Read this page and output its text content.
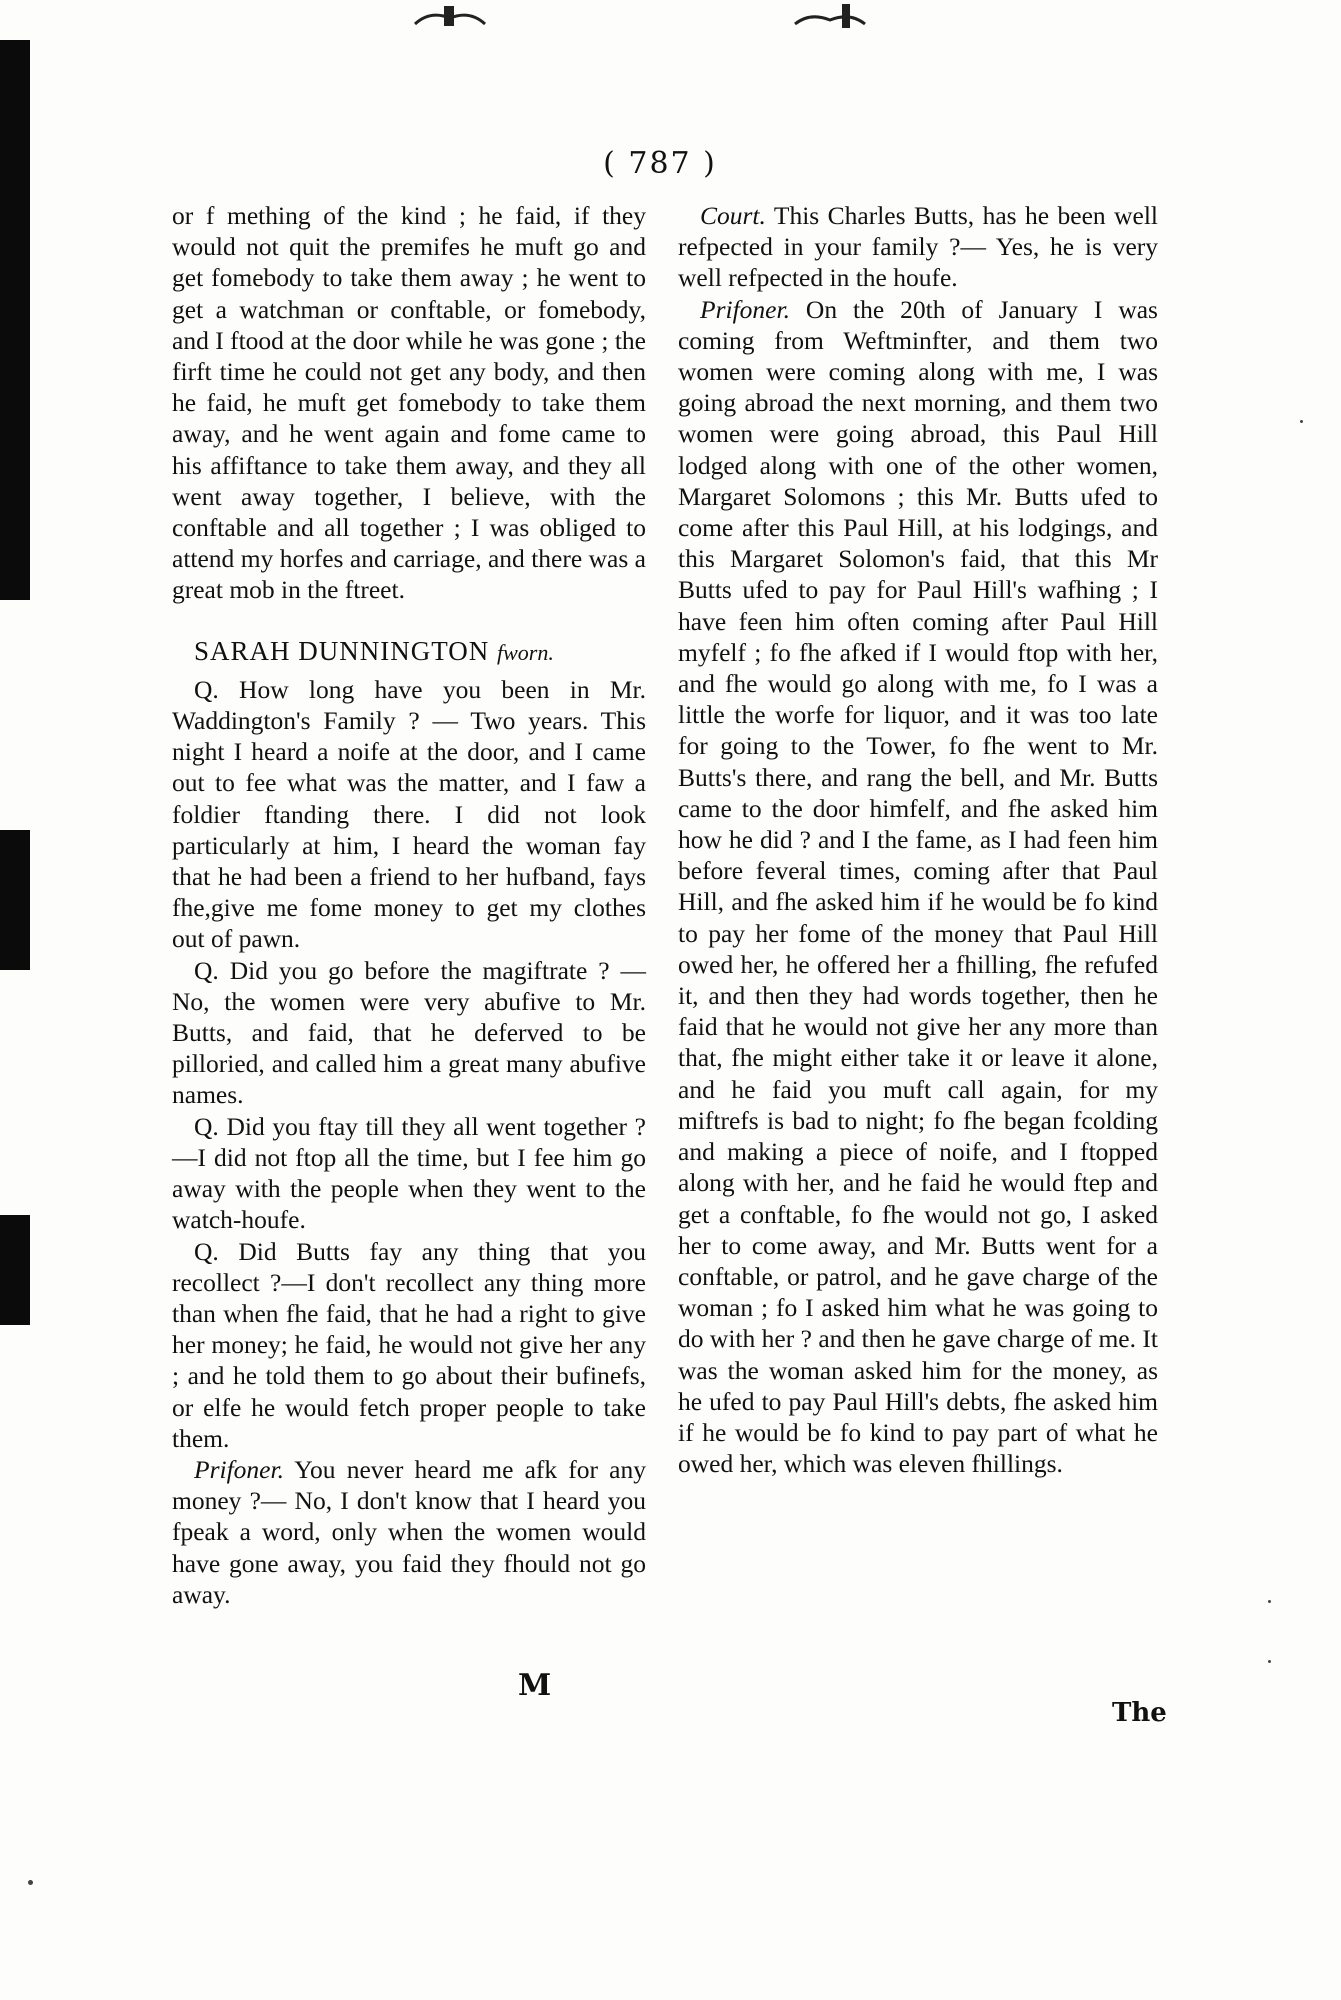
( 787 )

or f mething of the kind ; he faid, if they would not quit the premifes he muft go and get fomebody to take them away ; he went to get a watchman or conftable, or fomebody, and I ftood at the door while he was gone ; the firft time he could not get any body, and then he faid, he muft get fomebody to take them away, and he went again and fome came to his affiftance to take them away, and they all went away together, I believe, with the conftable and all together ; I was obliged to attend my horfes and carriage, and there was a great mob in the ftreet.

SARAH DUNNINGTON fworn.

Q. How long have you been in Mr. Waddington's Family ? — Two years. This night I heard a noife at the door, and I came out to fee what was the matter, and I faw a foldier ftanding there. I did not look particularly at him, I heard the woman fay that he had been a friend to her hufband, fays fhe,give me fome money to get my clothes out of pawn.

Q. Did you go before the magiftrate ? —No, the women were very abufive to Mr. Butts, and faid, that he deferved to be pilloried, and called him a great many abufive names.

Q. Did you ftay till they all went together ?—I did not ftop all the time, but I fee him go away with the people when they went to the watch-houfe.

Q. Did Butts fay any thing that you recollect ?—I don't recollect any thing more than when fhe faid, that he had a right to give her money; he faid, he would not give her any ; and he told them to go about their bufinefs, or elfe he would fetch proper people to take them.

Prifoner. You never heard me afk for any money ?— No, I don't know that I heard you fpeak a word, only when the women would have gone away, you faid they fhould not go away.

Court. This Charles Butts, has he been well refpected in your family ?— Yes, he is very well refpected in the houfe.

Prifoner. On the 20th of January I was coming from Weftminfter, and them two women were coming along with me, I was going abroad the next morning, and them two women were going abroad, this Paul Hill lodged along with one of the other women, Margaret Solomons ; this Mr. Butts ufed to come after this Paul Hill, at his lodgings, and this Margaret Solomon's faid, that this Mr Butts ufed to pay for Paul Hill's wafhing ; I have feen him often coming after Paul Hill myfelf ; fo fhe afked if I would ftop with her, and fhe would go along with me, fo I was a little the worfe for liquor, and it was too late for going to the Tower, fo fhe went to Mr. Butts's there, and rang the bell, and Mr. Butts came to the door himfelf, and fhe asked him how he did ? and I the fame, as I had feen him before feveral times, coming after that Paul Hill, and fhe asked him if he would be fo kind to pay her fome of the money that Paul Hill owed her, he offered her a fhilling, fhe refufed it, and then they had words together, then he faid that he would not give her any more than that, fhe might either take it or leave it alone, and he faid you muft call again, for my miftrefs is bad to night; fo fhe began fcolding and making a piece of noife, and I ftopped along with her, and he faid he would ftep and get a conftable, fo fhe would not go, I asked her to come away, and Mr. Butts went for a conftable, or patrol, and he gave charge of the woman ; fo I asked him what he was going to do with her ? and then he gave charge of me. It was the woman asked him for the money, as he ufed to pay Paul Hill's debts, fhe asked him if he would be fo kind to pay part of what he owed her, which was eleven fhillings.

M
The
